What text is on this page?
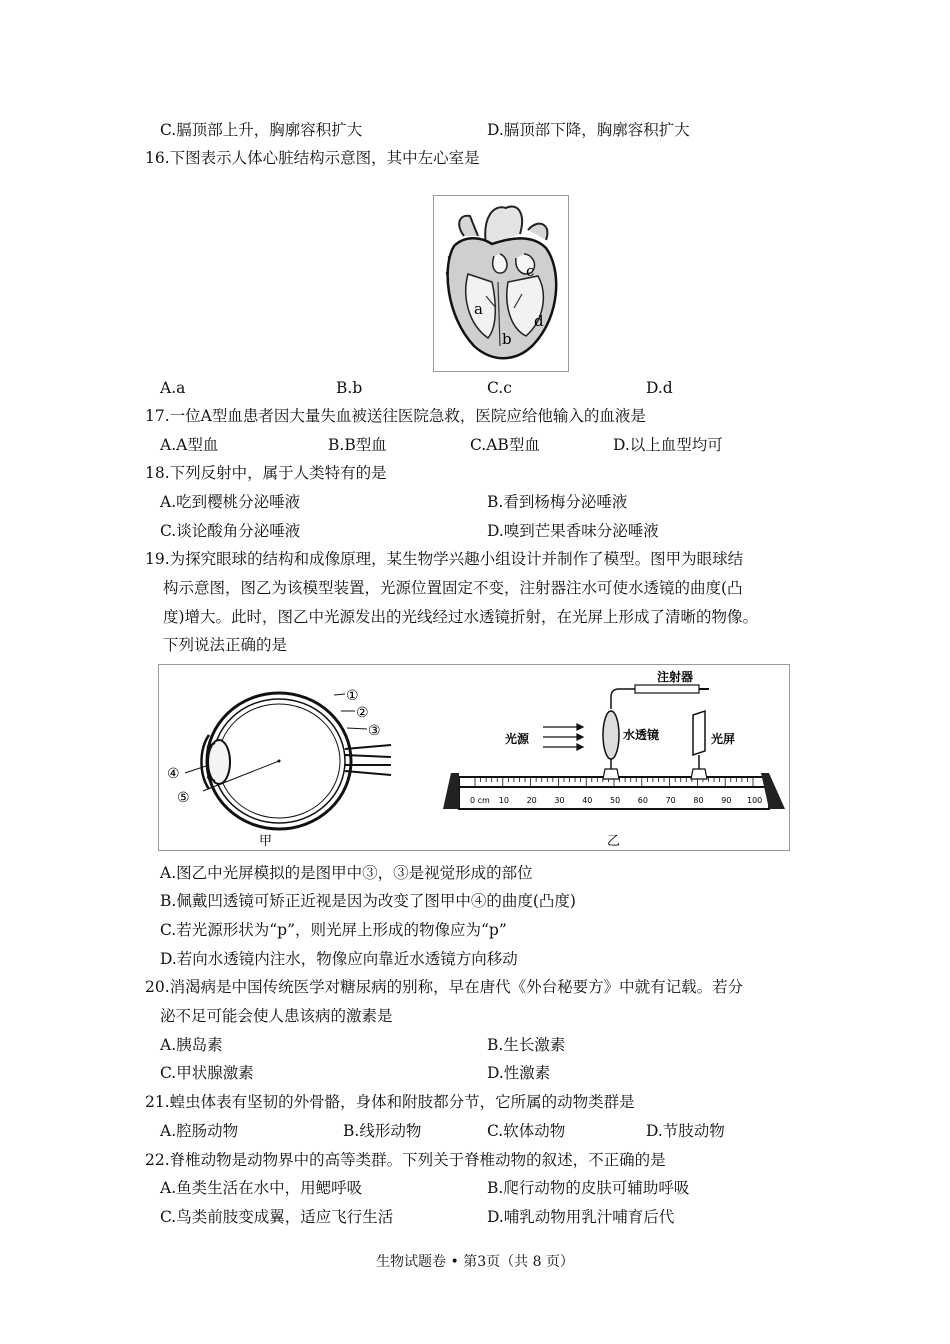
C.膈顶部上升，胸廓容积扩大	D.膈顶部下降，胸廓容积扩大
16.下图表示人体心脏结构示意图，其中左心室是
a
b
c
d
A.a	B.b	C.c	D.d
17.一位A型血患者因大量失血被送往医院急救，医院应给他输入的血液是
A.A型血	B.B型血	C.AB型血	D.以上血型均可
18.下列反射中，属于人类特有的是
A.吃到樱桃分泌唾液	B.看到杨梅分泌唾液
C.谈论酸角分泌唾液	D.嗅到芒果香味分泌唾液
19.为探究眼球的结构和成像原理，某生物学兴趣小组设计并制作了模型。图甲为眼球结
构示意图，图乙为该模型装置，光源位置固定不变，注射器注水可使水透镜的曲度(凸
度)增大。此时，图乙中光源发出的光线经过水透镜折射，在光屏上形成了清晰的物像。
下列说法正确的是
①
②
③
④
⑤
甲
0 cm 10 20 30 40 50 60 70 80 90 100
光源
注射器
水透镜	光屏
乙
A.图乙中光屏模拟的是图甲中③，③是视觉形成的部位
B.佩戴凹透镜可矫正近视是因为改变了图甲中④的曲度(凸度)
C.若光源形状为“p”，则光屏上形成的物像应为“p”
D.若向水透镜内注水，物像应向靠近水透镜方向移动
20.消渴病是中国传统医学对糖尿病的别称，早在唐代《外台秘要方》中就有记载。若分
泌不足可能会使人患该病的激素是
A.胰岛素	B.生长激素
C.甲状腺激素	D.性激素
21.蝗虫体表有坚韧的外骨骼，身体和附肢都分节，它所属的动物类群是
A.腔肠动物	B.线形动物	C.软体动物	D.节肢动物
22.脊椎动物是动物界中的高等类群。下列关于脊椎动物的叙述，不正确的是
A.鱼类生活在水中，用鳃呼吸	B.爬行动物的皮肤可辅助呼吸
C.鸟类前肢变成翼，适应飞行生活	D.哺乳动物用乳汁哺育后代
生物试题卷 • 第3页（共 8 页）
